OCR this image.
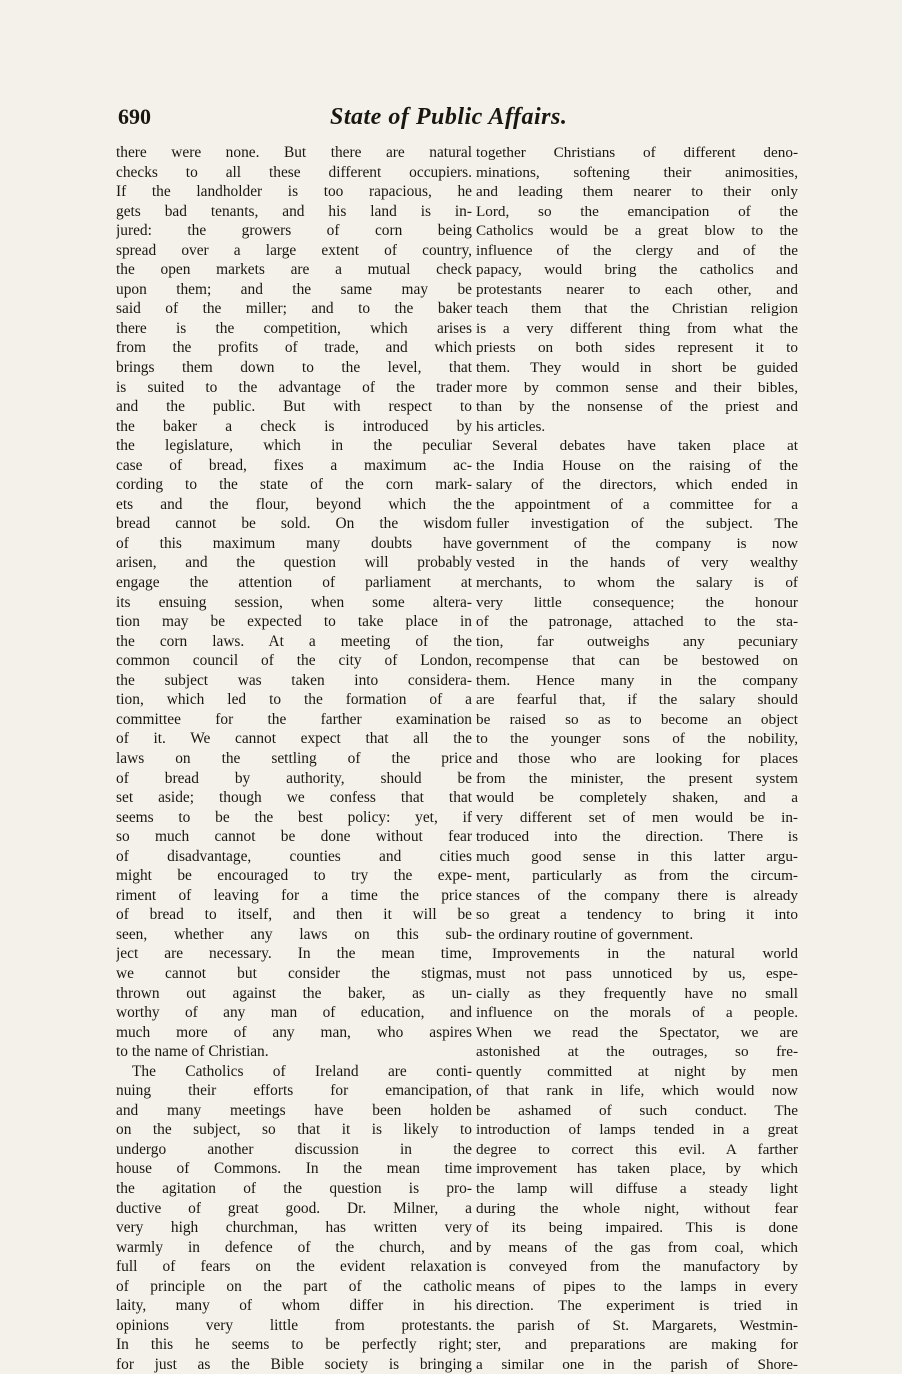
690	State of Public Affairs.
there were none. But there are natural
checks to all these different occupiers.
If the landholder is too rapacious, he
gets bad tenants, and his land is in-
jured: the growers of corn being
spread over a large extent of country,
the open markets are a mutual check
upon them; and the same may be
said of the miller; and to the baker
there is the competition, which arises
from the profits of trade, and which
brings them down to the level, that
is suited to the advantage of the trader
and the public. But with respect to
the baker a check is introduced by
the legislature, which in the peculiar
case of bread, fixes a maximum ac-
cording to the state of the corn mark-
ets and the flour, beyond which the
bread cannot be sold. On the wisdom
of this maximum many doubts have
arisen, and the question will probably
engage the attention of parliament at
its ensuing session, when some altera-
tion may be expected to take place in
the corn laws. At a meeting of the
common council of the city of London,
the subject was taken into considera-
tion, which led to the formation of a
committee for the farther examination
of it. We cannot expect that all the
laws on the settling of the price
of bread by authority, should be
set aside; though we confess that that
seems to be the best policy: yet, if
so much cannot be done without fear
of disadvantage, counties and cities
might be encouraged to try the expe-
riment of leaving for a time the price
of bread to itself, and then it will be
seen, whether any laws on this sub-
ject are necessary. In the mean time,
we cannot but consider the stigmas,
thrown out against the baker, as un-
worthy of any man of education, and
much more of any man, who aspires
to the name of Christian.
The Catholics of Ireland are conti-
nuing their efforts for emancipation,
and many meetings have been holden
on the subject, so that it is likely to
undergo another discussion in the
house of Commons. In the mean time
the agitation of the question is pro-
ductive of great good. Dr. Milner, a
very high churchman, has written very
warmly in defence of the church, and
full of fears on the evident relaxation
of principle on the part of the catholic
laity, many of whom differ in his
opinions very little from protestants.
In this he seems to be perfectly right;
for just as the Bible society is bringing
together Christians of different deno-
minations, softening their animosities,
and leading them nearer to their only
Lord, so the emancipation of the
Catholics would be a great blow to the
influence of the clergy and of the
papacy, would bring the catholics and
protestants nearer to each other, and
teach them that the Christian religion
is a very different thing from what the
priests on both sides represent it to
them. They would in short be guided
more by common sense and their bibles,
than by the nonsense of the priest and
his articles.
Several debates have taken place at
the India House on the raising of the
salary of the directors, which ended in
the appointment of a committee for a
fuller investigation of the subject. The
government of the company is now
vested in the hands of very wealthy
merchants, to whom the salary is of
very little consequence; the honour
of the patronage, attached to the sta-
tion, far outweighs any pecuniary
recompense that can be bestowed on
them. Hence many in the company
are fearful that, if the salary should
be raised so as to become an object
to the younger sons of the nobility,
and those who are looking for places
from the minister, the present system
would be completely shaken, and a
very different set of men would be in-
troduced into the direction. There is
much good sense in this latter argu-
ment, particularly as from the circum-
stances of the company there is already
so great a tendency to bring it into
the ordinary routine of government.
Improvements in the natural world
must not pass unnoticed by us, espe-
cially as they frequently have no small
influence on the morals of a people.
When we read the Spectator, we are
astonished at the outrages, so fre-
quently committed at night by men
of that rank in life, which would now
be ashamed of such conduct. The
introduction of lamps tended in a great
degree to correct this evil. A farther
improvement has taken place, by which
the lamp will diffuse a steady light
during the whole night, without fear
of its being impaired. This is done
by means of the gas from coal, which
is conveyed from the manufactory by
means of pipes to the lamps in every
direction. The experiment is tried in
the parish of St. Margarets, Westmin-
ster, and preparations are making for
a similar one in the parish of Shore-
